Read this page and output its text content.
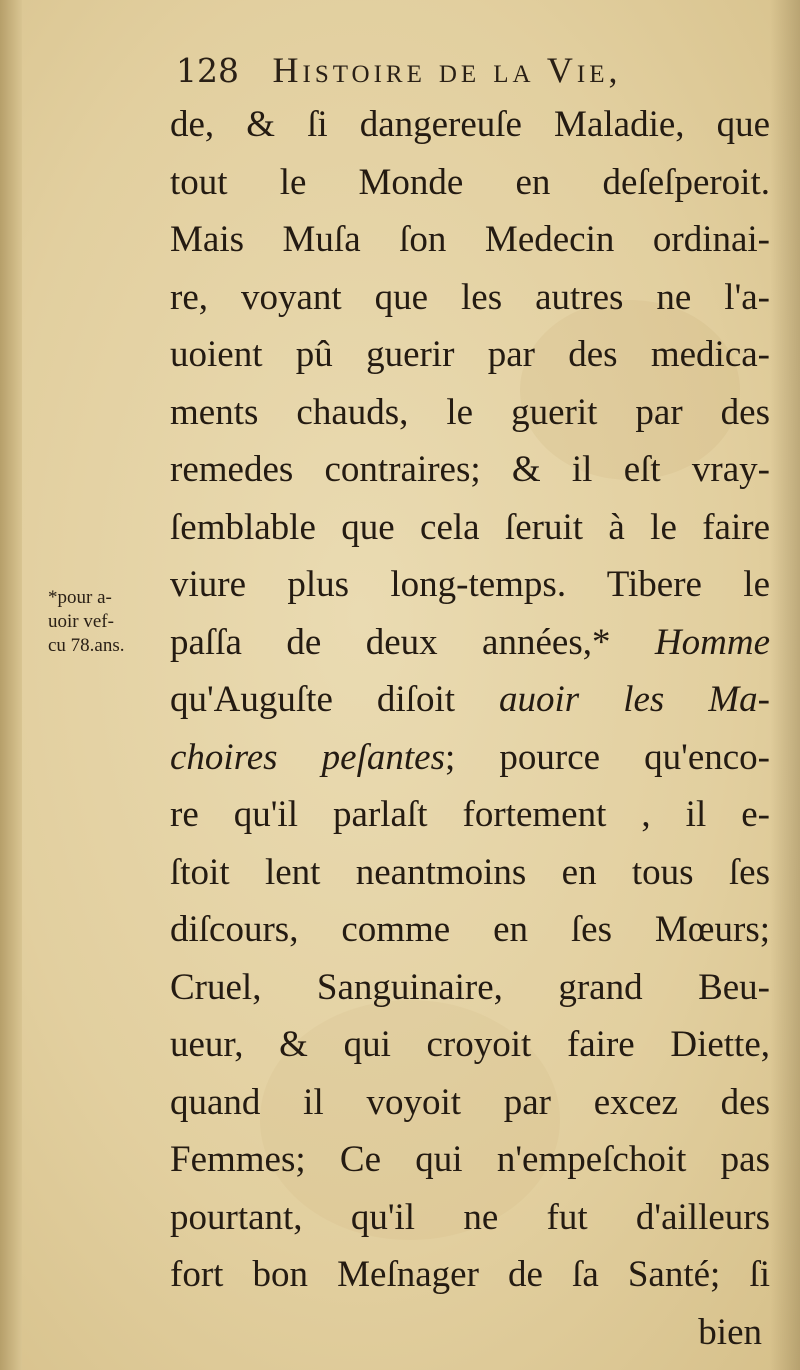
128 Histoire de la Vie,
*pour a-
uoir vef-
cu 78.ans.
de, & ſi dangereuſe Maladie, que
tout le Monde en deſeſperoit.
Mais Muſa ſon Medecin ordinai-
re, voyant que les autres ne l'a-
uoient pû guerir par des medica-
ments chauds, le guerit par des
remedes contraires; & il eſt vray-
ſemblable que cela ſeruit à le faire
viure plus long-temps. Tibere le
paſſa de deux années,* Homme
qu'Auguſte diſoit auoir les Ma-
choires peſantes; pource qu'enco-
re qu'il parlaſt fortement , il e-
ſtoit lent neantmoins en tous ſes
diſcours, comme en ſes Mœurs;
Cruel, Sanguinaire, grand Beu-
ueur, & qui croyoit faire Diette,
quand il voyoit par excez des
Femmes; Ce qui n'empeſchoit pas
pourtant, qu'il ne fut d'ailleurs
fort bon Meſnager de ſa Santé; ſi
bien
